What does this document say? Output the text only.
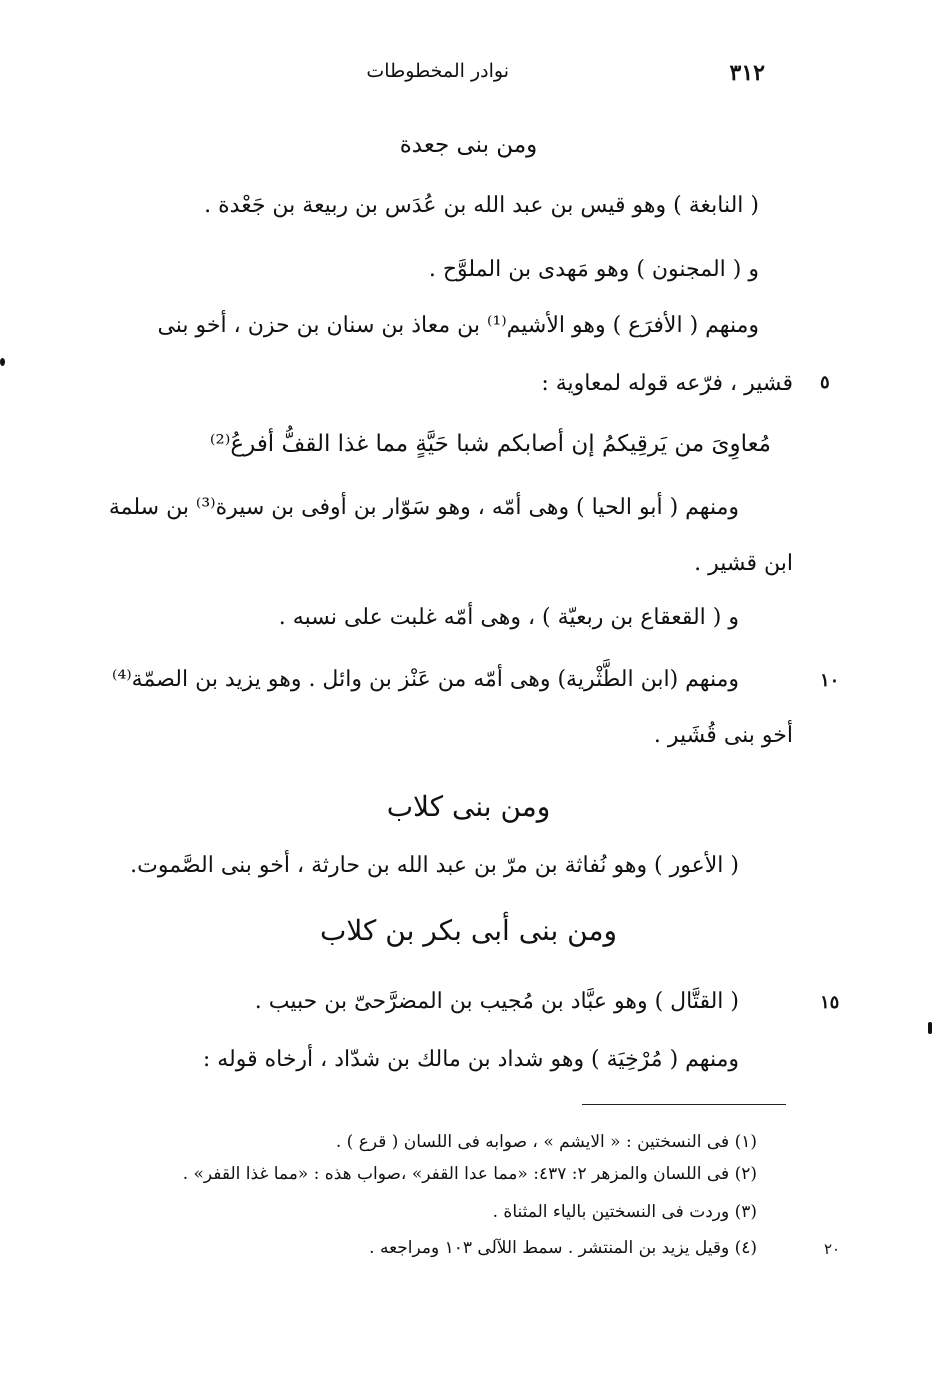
٣١٢
نوادر المخطوطات
ومن بنى جعدة
( النابغة ) وهو قيس بن عبد الله بن عُدَس بن ربيعة بن جَعْدة .
و ( المجنون ) وهو مَهدى بن الملوَّح .
ومنهم ( الأفرَع ) وهو الأشيم⁽¹⁾ بن معاذ بن سنان بن حزن ، أخو بنى
٥
قشير ، فرّعه قوله لمعاوية :
مُعاوِىَ من يَرقِيكمُ إن أصابكم شبا حَيَّةٍ مما غذا القفُّ أفرعُ⁽²⁾
ومنهم ( أبو الحيا ) وهى أمّه ، وهو سَوّار بن أوفى بن سيرة⁽³⁾ بن سلمة
ابن قشير .
و ( القعقاع بن ربعيّة ) ، وهى أمّه غلبت على نسبه .
١٠
ومنهم (ابن الطَّثْرية) وهى أمّه من عَنْز بن وائل . وهو يزيد بن الصمّة⁽⁴⁾
أخو بنى قُشَير .
ومن بنى كلاب
( الأعور ) وهو نُفاثة بن مرّ بن عبد الله بن حارثة ، أخو بنى الصَّموت.
ومن بنى أبى بكر بن كلاب
١٥
( القتَّال ) وهو عبَّاد بن مُجيب بن المضرَّحىّ بن حبيب .
ومنهم ( مُرْخِيَة ) وهو شداد بن مالك بن شدّاد ، أرخاه قوله :
(١) فى النسختين : « الايشم » ، صوابه فى اللسان ( قرع ) .
(٢) فى اللسان والمزهر ٢: ٤٣٧: «مما عدا القفر» ،صواب هذه : «مما غذا القفر» .
(٣) وردت فى النسختين بالياء المثناة .
٢٠
(٤) وقيل يزيد بن المنتشر . سمط اللآلى ١٠٣ ومراجعه .
